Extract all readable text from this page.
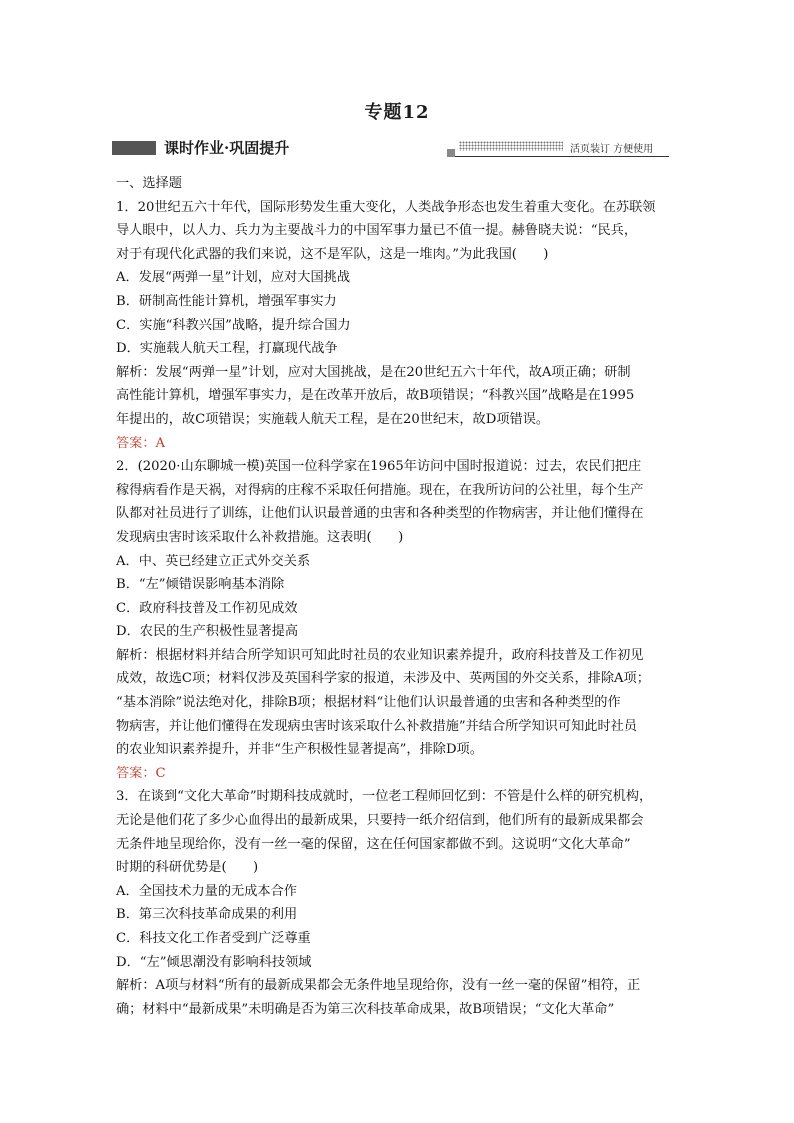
专题12
课时作业·巩固提升	活页装订 方便使用
一、选择题
1．20世纪五六十年代，国际形势发生重大变化，人类战争形态也发生着重大变化。在苏联领
导人眼中，以人力、兵力为主要战斗力的中国军事力量已不值一提。赫鲁晓夫说：“民兵，
对于有现代化武器的我们来说，这不是军队，这是一堆肉。”为此我国(　　)
A．发展“两弹一星”计划，应对大国挑战
B．研制高性能计算机，增强军事实力
C．实施“科教兴国”战略，提升综合国力
D．实施载人航天工程，打赢现代战争
解析：发展“两弹一星”计划，应对大国挑战，是在20世纪五六十年代，故A项正确；研制
高性能计算机，增强军事实力，是在改革开放后，故B项错误；“科教兴国”战略是在1995
年提出的，故C项错误；实施载人航天工程，是在20世纪末，故D项错误。
答案：A
2．(2020·山东聊城一模)英国一位科学家在1965年访问中国时报道说：过去，农民们把庄
稼得病看作是天祸，对得病的庄稼不采取任何措施。现在，在我所访问的公社里，每个生产
队都对社员进行了训练，让他们认识最普通的虫害和各种类型的作物病害，并让他们懂得在
发现病虫害时该采取什么补救措施。这表明(　　)
A．中、英已经建立正式外交关系
B．“左”倾错误影响基本消除
C．政府科技普及工作初见成效
D．农民的生产积极性显著提高
解析：根据材料并结合所学知识可知此时社员的农业知识素养提升，政府科技普及工作初见
成效，故选C项；材料仅涉及英国科学家的报道，未涉及中、英两国的外交关系，排除A项；
“基本消除”说法绝对化，排除B项；根据材料“让他们认识最普通的虫害和各种类型的作
物病害，并让他们懂得在发现病虫害时该采取什么补救措施”并结合所学知识可知此时社员
的农业知识素养提升，并非“生产积极性显著提高”，排除D项。
答案：C
3．在谈到“文化大革命”时期科技成就时，一位老工程师回忆到：不管是什么样的研究机构，
无论是他们花了多少心血得出的最新成果，只要持一纸介绍信到，他们所有的最新成果都会
无条件地呈现给你，没有一丝一毫的保留，这在任何国家都做不到。这说明“文化大革命”
时期的科研优势是(　　)
A．全国技术力量的无成本合作
B．第三次科技革命成果的利用
C．科技文化工作者受到广泛尊重
D．“左”倾思潮没有影响科技领域
解析：A项与材料“所有的最新成果都会无条件地呈现给你，没有一丝一毫的保留”相符，正
确；材料中“最新成果”未明确是否为第三次科技革命成果，故B项错误；“文化大革命”
